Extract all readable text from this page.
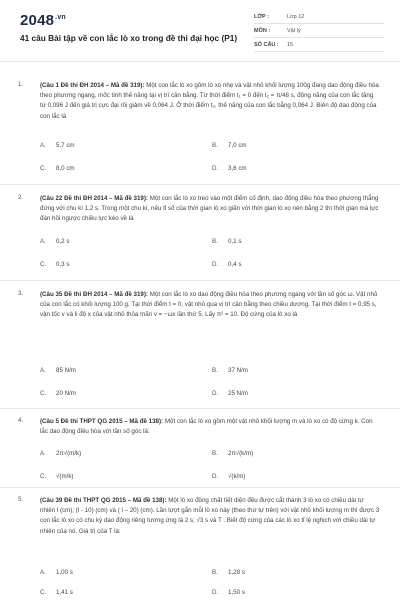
$2048^{.vn}$
41 câu Bài tập về con lắc lò xo trong đề thi đại học (P1)
LỚP :	Lớp 12
MÔN :	Vật lý
SỐ CÂU :	15
1.	(Câu 1 Đề thi ĐH 2014 – Mã đề 319): Một con lắc lò xo gồm lò xo nhẹ và vật nhỏ khối lượng 100g đang dao động điều hòa theo phương ngang, mốc tính thế năng tại vị trí cân bằng. Từ thời điểm t₁ = 0 đến t₂ = π/48 s, động năng của con lắc tăng từ 0,096 J đến giá trị cực đại rồi giảm về 0,064 J. Ở thời điểm t₂, thế năng của con lắc bằng 0,064 J. Biên độ dao động của con lắc là
A.	5,7 cm	B.	7,0 cm
C.	8,0 cm	D.	3,6 cm
2.	(Câu 22 Đề thi ĐH 2014 – Mã đề 319): Một con lắc lò xo treo vào một điểm cố định, dao động điều hòa theo phương thẳng đứng với chu kì 1,2 s. Trong một chu kì, nếu tỉ số của thời gian lò xo giãn với thời gian lò xo nén bằng 2 thì thời gian mà lực đàn hồi ngược chiều lực kéo về là
A.	0,2 s	B.	0,1 s
C.	0,3 s	D.	0,4 s
3.	(Câu 35 Đề thi ĐH 2014 – Mã đề 319): Một con lắc lò xo dao động điều hòa theo phương ngang với tần số góc ω. Vật nhỏ của con lắc có khối lượng 100 g. Tại thời điểm t = 0, vật nhỏ qua vị trí cân bằng theo chiều dương. Tại thời điểm t = 0,95 s, vận tốc v và li độ x của vật nhỏ thỏa mãn v = −ωx lần thứ 5. Lấy π² = 10. Độ cứng của lò xo là
A.	85 N/m	B.	37 N/m
C.	20 N/m	D.	25 N/m
4.	(Câu 5 Đề thi THPT QG 2015 – Mã đề 138): Một con lắc lò xo gồm một vật nhỏ khối lượng m và lò xo có độ cứng k. Con lắc dao động điều hòa với tần số góc là:
A.	2π√(m/k)	B.	2π√(k/m)
C.	√(m/k)	D.	√(k/m)
5.	(Câu 39 Đề thi THPT QG 2015 – Mã đề 138): Một lò xo đồng chất tiết diện đều được cắt thành 3 lò xo có chiều dài tự nhiên l (cm); (l - 10) (cm) và ( l – 20) (cm). Lần lượt gắn mỗi lò xo này (theo thứ tự trên) với vật nhỏ khối lượng m thì được 3 con lắc lò xo có chu kỳ dao động riêng tương ứng là 2 s; √3 s và T . Biết độ cứng của các lò xo tỉ lệ nghịch với chiều dài tự nhiên của nó. Giá trị của T là:
A.	1,00 s	B.	1,28 s
C.	1,41 s	D.	1,50 s
